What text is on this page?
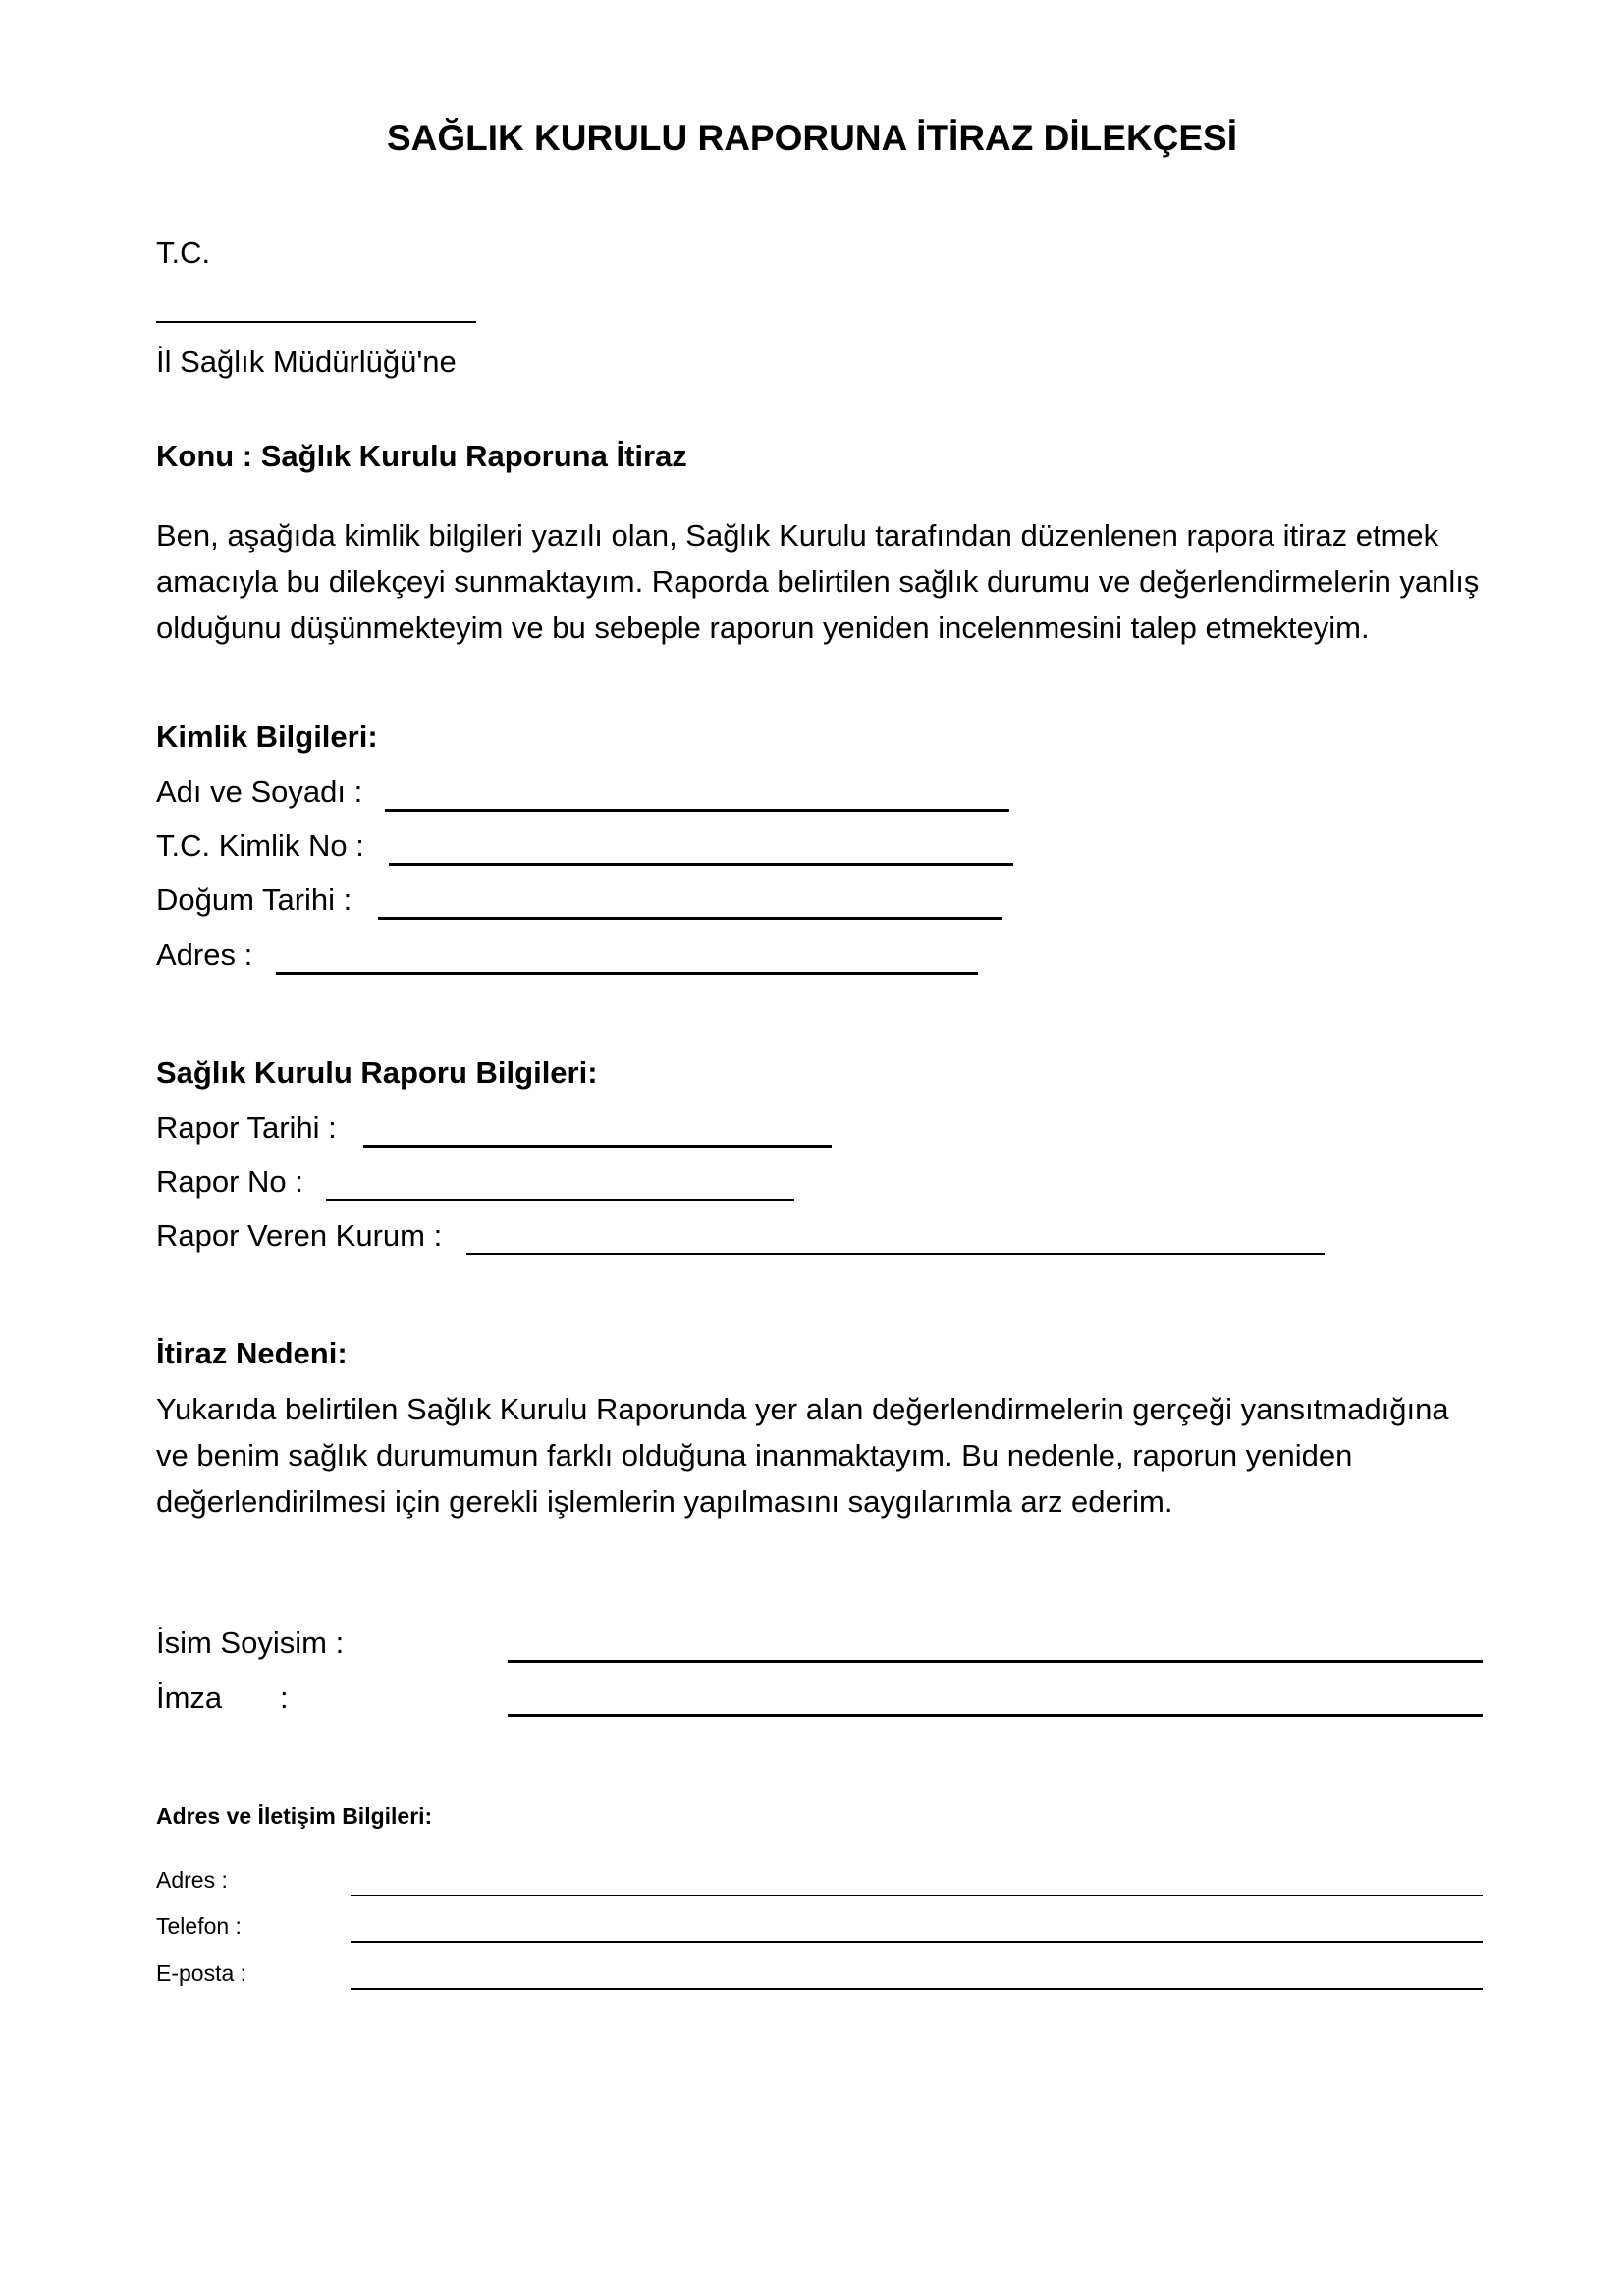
SAĞLIK KURULU RAPORUNA İTİRAZ DİLEKÇESİ

T.C.

İl Sağlık Müdürlüğü'ne

Konu : Sağlık Kurulu Raporuna İtiraz

Ben, aşağıda kimlik bilgileri yazılı olan, Sağlık Kurulu tarafından düzenlenen rapora itiraz etmek amacıyla bu dilekçeyi sunmaktayım. Raporda belirtilen sağlık durumu ve değerlendirmelerin yanlış olduğunu düşünmekteyim ve bu sebeple raporun yeniden incelenmesini talep etmekteyim.

Kimlik Bilgileri:

Adı ve Soyadı :

T.C. Kimlik No :

Doğum Tarihi :

Adres :

Sağlık Kurulu Raporu Bilgileri:

Rapor Tarihi :

Rapor No :

Rapor Veren Kurum :

İtiraz Nedeni:

Yukarıda belirtilen Sağlık Kurulu Raporunda yer alan değerlendirmelerin gerçeği yansıtmadığına ve benim sağlık durumumun farklı olduğuna inanmaktayım. Bu nedenle, raporun yeniden değerlendirilmesi için gerekli işlemlerin yapılmasını saygılarımla arz ederim.

İsim Soyisim :

İmza :

Adres ve İletişim Bilgileri:

Adres :

Telefon :

E-posta :
